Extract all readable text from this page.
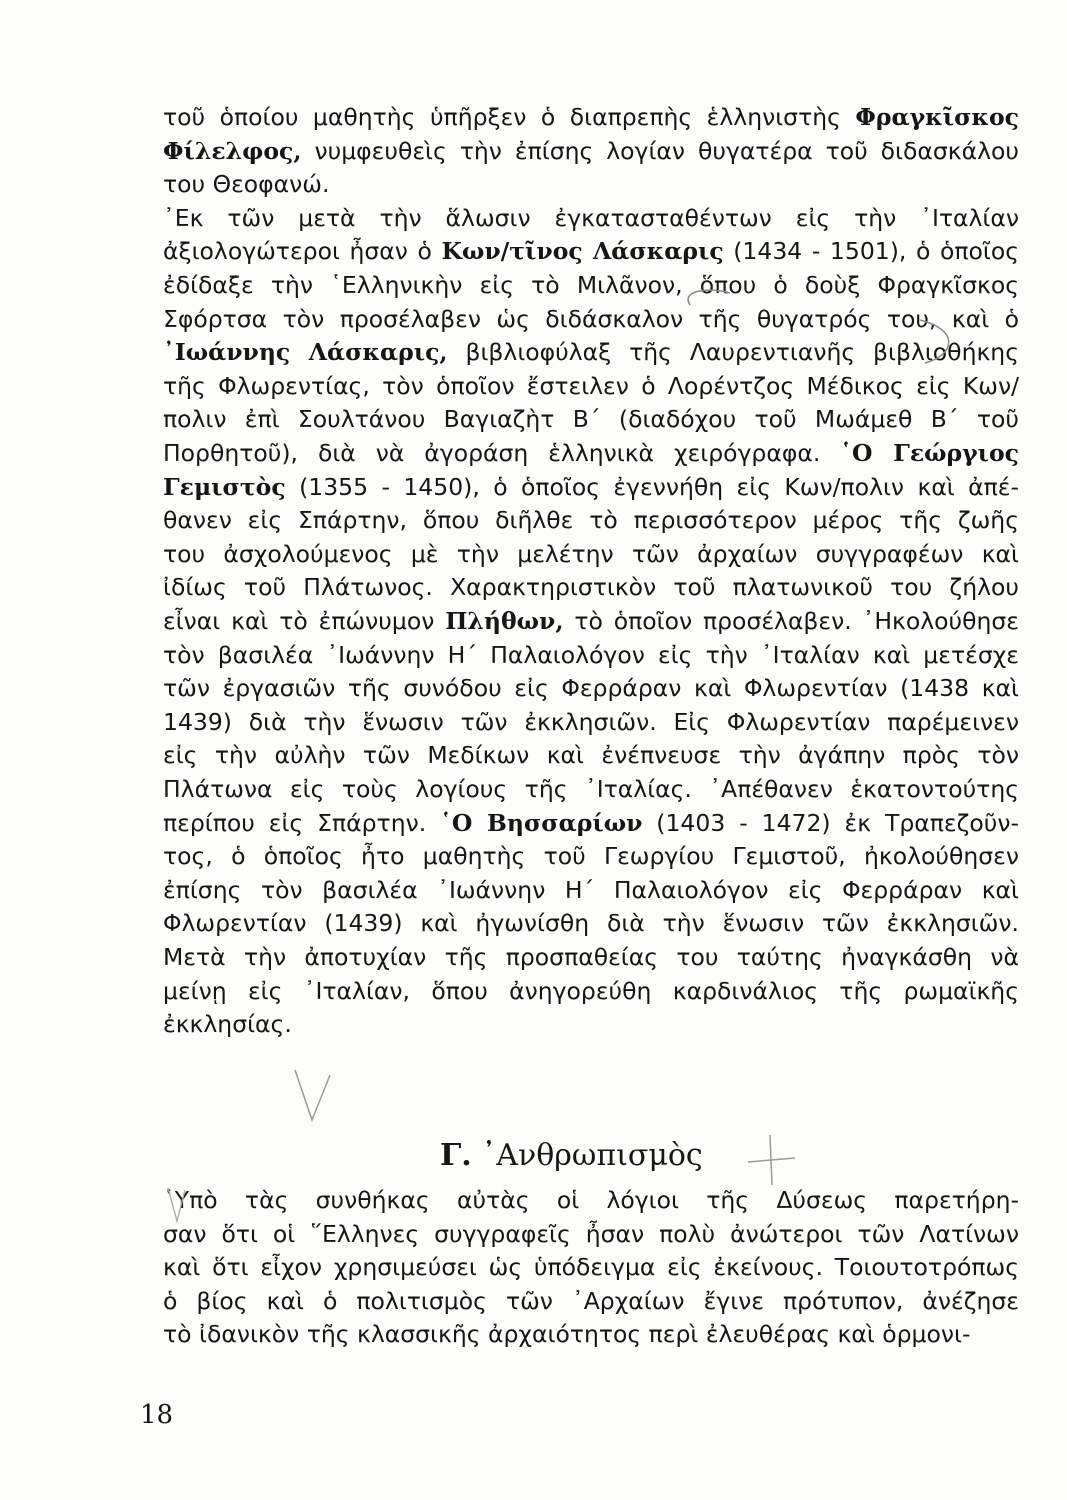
τοῦ ὁποίου μαθητὴς ὑπῆρξεν ὁ διαπρεπὴς ἑλληνιστὴς Φραγκῖσκος
Φίλελφος, νυμφευθεὶς τὴν ἐπίσης λογίαν θυγατέρα τοῦ διδασκάλου
του Θεοφανώ.
᾿Εκ τῶν μετὰ τὴν ἅλωσιν ἐγκατασταθέντων εἰς τὴν ᾿Ιταλίαν
ἀξιολογώτεροι ἦσαν ὁ Κων/τῖνος Λάσκαρις (1434 - 1501), ὁ ὁποῖος
ἐδίδαξε τὴν ῾Ελληνικὴν εἰς τὸ Μιλᾶνον, ὅπου ὁ δοὺξ Φραγκῖσκος
Σφόρτσα τὸν προσέλαβεν ὡς διδάσκαλον τῆς θυγατρός του, καὶ ὁ
᾿Ιωάννης Λάσκαρις, βιβλιοφύλαξ τῆς Λαυρεντιανῆς βιβλιοθήκης
τῆς Φλωρεντίας, τὸν ὁποῖον ἔστειλεν ὁ Λορέντζος Μέδικος εἰς Κων/
πολιν ἐπὶ Σουλτάνου Βαγιαζὴτ Β΄ (διαδόχου τοῦ Μωάμεθ Β΄ τοῦ
Πορθητοῦ), διὰ νὰ ἀγοράση ἑλληνικὰ χειρόγραφα. ῾Ο Γεώργιος
Γεμιστὸς (1355 - 1450), ὁ ὁποῖος ἐγεννήθη εἰς Κων/πολιν καὶ ἀπέ-
θανεν εἰς Σπάρτην, ὅπου διῆλθε τὸ περισσότερον μέρος τῆς ζωῆς
του ἀσχολούμενος μὲ τὴν μελέτην τῶν ἀρχαίων συγγραφέων καὶ
ἰδίως τοῦ Πλάτωνος. Χαρακτηριστικὸν τοῦ πλατωνικοῦ του ζήλου
εἶναι καὶ τὸ ἐπώνυμον Πλήθων, τὸ ὁποῖον προσέλαβεν. ᾿Ηκολούθησε
τὸν βασιλέα ᾿Ιωάννην Η΄ Παλαιολόγον εἰς τὴν ᾿Ιταλίαν καὶ μετέσχε
τῶν ἐργασιῶν τῆς συνόδου εἰς Φερράραν καὶ Φλωρεντίαν (1438 καὶ
1439) διὰ τὴν ἕνωσιν τῶν ἐκκλησιῶν. Εἰς Φλωρεντίαν παρέμεινεν
εἰς τὴν αὐλὴν τῶν Μεδίκων καὶ ἐνέπνευσε τὴν ἀγάπην πρὸς τὸν
Πλάτωνα εἰς τοὺς λογίους τῆς ᾿Ιταλίας. ᾿Απέθανεν ἑκατοντούτης
περίπου εἰς Σπάρτην. ῾Ο Βησσαρίων (1403 - 1472) ἐκ Τραπεζοῦν-
τος, ὁ ὁποῖος ἦτο μαθητὴς τοῦ Γεωργίου Γεμιστοῦ, ἠκολούθησεν
ἐπίσης τὸν βασιλέα ᾿Ιωάννην Η΄ Παλαιολόγον εἰς Φερράραν καὶ
Φλωρεντίαν (1439) καὶ ἠγωνίσθη διὰ τὴν ἕνωσιν τῶν ἐκκλησιῶν.
Μετὰ τὴν ἀποτυχίαν τῆς προσπαθείας του ταύτης ἠναγκάσθη νὰ
μείνῃ εἰς ᾿Ιταλίαν, ὅπου ἀνηγορεύθη καρδινάλιος τῆς ρωμαϊκῆς
ἐκκλησίας.
῾Υπὸ τὰς συνθήκας αὐτὰς οἱ λόγιοι τῆς Δύσεως παρετήρη-
σαν ὅτι οἱ ῞Ελληνες συγγραφεῖς ἦσαν πολὺ ἀνώτεροι τῶν Λατίνων
καὶ ὅτι εἶχον χρησιμεύσει ὡς ὑπόδειγμα εἰς ἐκείνους. Τοιουτοτρόπως
ὁ βίος καὶ ὁ πολιτισμὸς τῶν ᾿Αρχαίων ἔγινε πρότυπον, ἀνέζησε
τὸ ἰδανικὸν τῆς κλασσικῆς ἀρχαιότητος περὶ ἐλευθέρας καὶ ὁρμονι-
Γ. ᾿Ανθρωπισμὸς
18
